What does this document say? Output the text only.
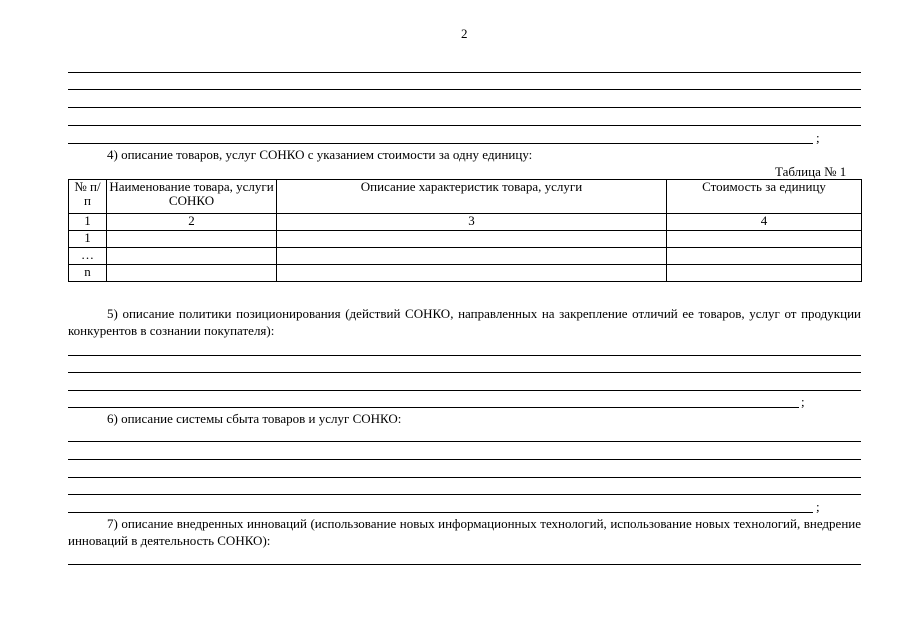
2
;
4) описание товаров, услуг СОНКО с указанием стоимости за одну единицу:
Таблица № 1
№ п/п	Наименование товара, услуги СОНКО	Описание характеристик товара, услуги	Стоимость за единицу
1	2	3	4
1			
…			
n			
5) описание политики позиционирования (действий СОНКО, направленных на закрепление отличий ее товаров, услуг от продукции конкурентов в сознании покупателя):
;
6) описание системы сбыта товаров и услуг СОНКО:
;
7) описание внедренных инноваций (использование новых информационных технологий, использование новых технологий, внедрение инноваций в деятельность СОНКО):
